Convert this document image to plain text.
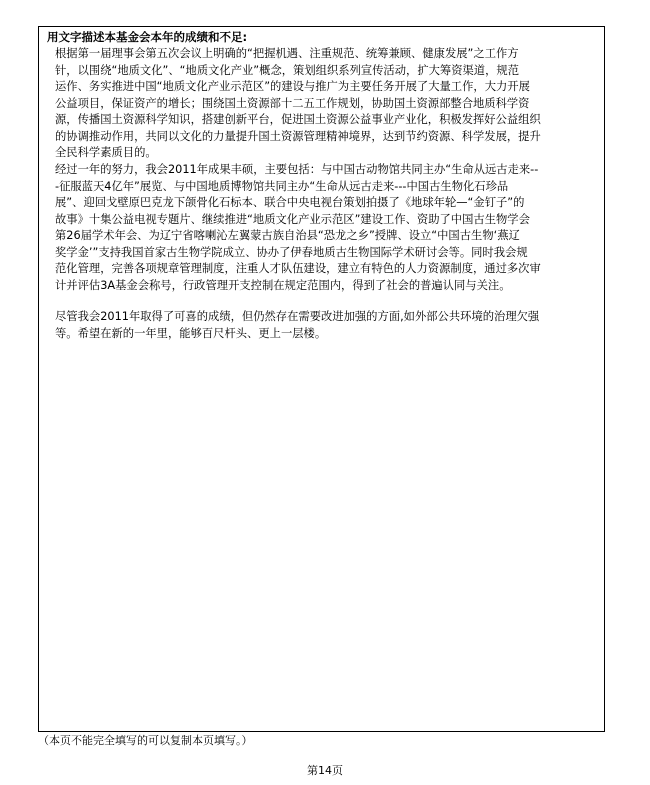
用文字描述本基金会本年的成绩和不足:
根据第一届理事会第五次会议上明确的“把握机遇、注重规范、统筹兼顾、健康发展”之工作方
针，以围绕“地质文化”、“地质文化产业”概念，策划组织系列宣传活动，扩大筹资渠道，规范
运作、务实推进中国“地质文化产业示范区”的建设与推广为主要任务开展了大量工作，大力开展
公益项目，保证资产的增长；围绕国土资源部十二五工作规划，协助国土资源部整合地质科学资
源，传播国土资源科学知识，搭建创新平台，促进国土资源公益事业产业化，积极发挥好公益组织
的协调推动作用，共同以文化的力量提升国土资源管理精神境界，达到节约资源、科学发展，提升
全民科学素质目的。
经过一年的努力，我会2011年成果丰硕，主要包括：与中国古动物馆共同主办“生命从远古走来--
-征服蓝天4亿年”展览、与中国地质博物馆共同主办“生命从远古走来---中国古生物化石珍品
展”、迎回戈壁原巴克龙下颌骨化石标本、联合中央电视台策划拍摄了《地球年轮—“金钉子”的
故事》十集公益电视专题片、继续推进“地质文化产业示范区”建设工作、资助了中国古生物学会
第26届学术年会、为辽宁省喀喇沁左翼蒙古族自治县“恐龙之乡”授牌、设立“中国古生物‘燕辽
奖学金’”支持我国首家古生物学院成立、协办了伊春地质古生物国际学术研讨会等。同时我会规
范化管理，完善各项规章管理制度，注重人才队伍建设，建立有特色的人力资源制度，通过多次审
计并评估3A基金会称号，行政管理开支控制在规定范围内，得到了社会的普遍认同与关注。
尽管我会2011年取得了可喜的成绩，但仍然存在需要改进加强的方面,如外部公共环境的治理欠强
等。希望在新的一年里，能够百尺杆头、更上一层楼。
（本页不能完全填写的可以复制本页填写。）
第14页
